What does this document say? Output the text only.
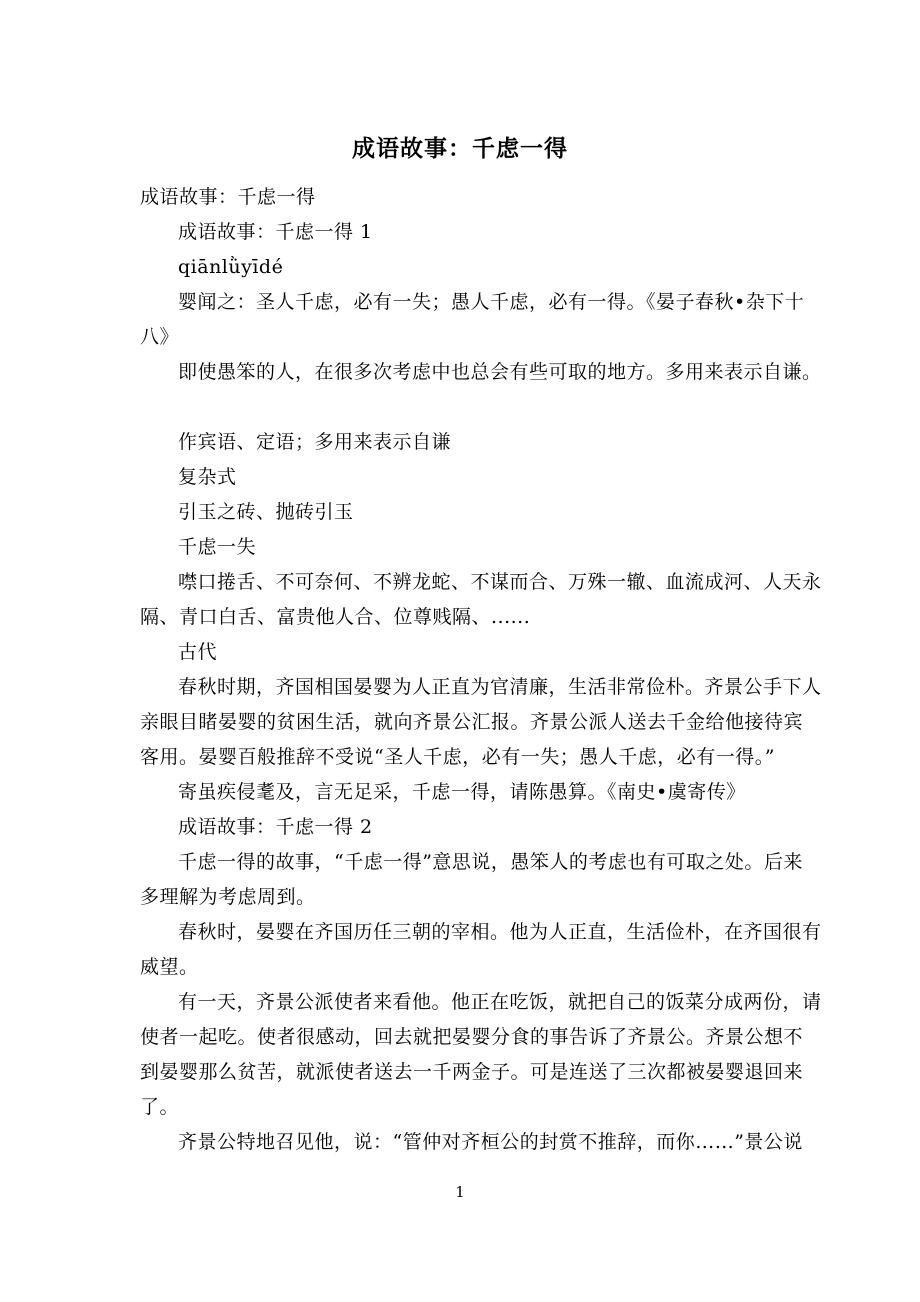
成语故事：千虑一得
成语故事：千虑一得
成语故事：千虑一得 1
qiānlǜyīdé
婴闻之：圣人千虑，必有一失；愚人千虑，必有一得。《晏子春秋•杂下十
八》
即使愚笨的人，在很多次考虑中也总会有些可取的地方。多用来表示自谦。

作宾语、定语；多用来表示自谦
复杂式
引玉之砖、抛砖引玉
千虑一失
噤口捲舌、不可奈何、不辨龙蛇、不谋而合、万殊一辙、血流成河、人天永
隔、青口白舌、富贵他人合、位尊贱隔、......
古代
春秋时期，齐国相国晏婴为人正直为官清廉，生活非常俭朴。齐景公手下人
亲眼目睹晏婴的贫困生活，就向齐景公汇报。齐景公派人送去千金给他接待宾
客用。晏婴百般推辞不受说“圣人千虑，必有一失；愚人千虑，必有一得。”
寄虽疾侵耄及，言无足采，千虑一得，请陈愚算。《南史•虞寄传》
成语故事：千虑一得 2
千虑一得的故事，“千虑一得”意思说，愚笨人的考虑也有可取之处。后来
多理解为考虑周到。
春秋时，晏婴在齐国历任三朝的宰相。他为人正直，生活俭朴，在齐国很有
威望。
有一天，齐景公派使者来看他。他正在吃饭，就把自己的饭菜分成两份，请
使者一起吃。使者很感动，回去就把晏婴分食的事告诉了齐景公。齐景公想不
到晏婴那么贫苦，就派使者送去一千两金子。可是连送了三次都被晏婴退回来
了。
齐景公特地召见他，说：“管仲对齐桓公的封赏不推辞，而你……”景公说
1
